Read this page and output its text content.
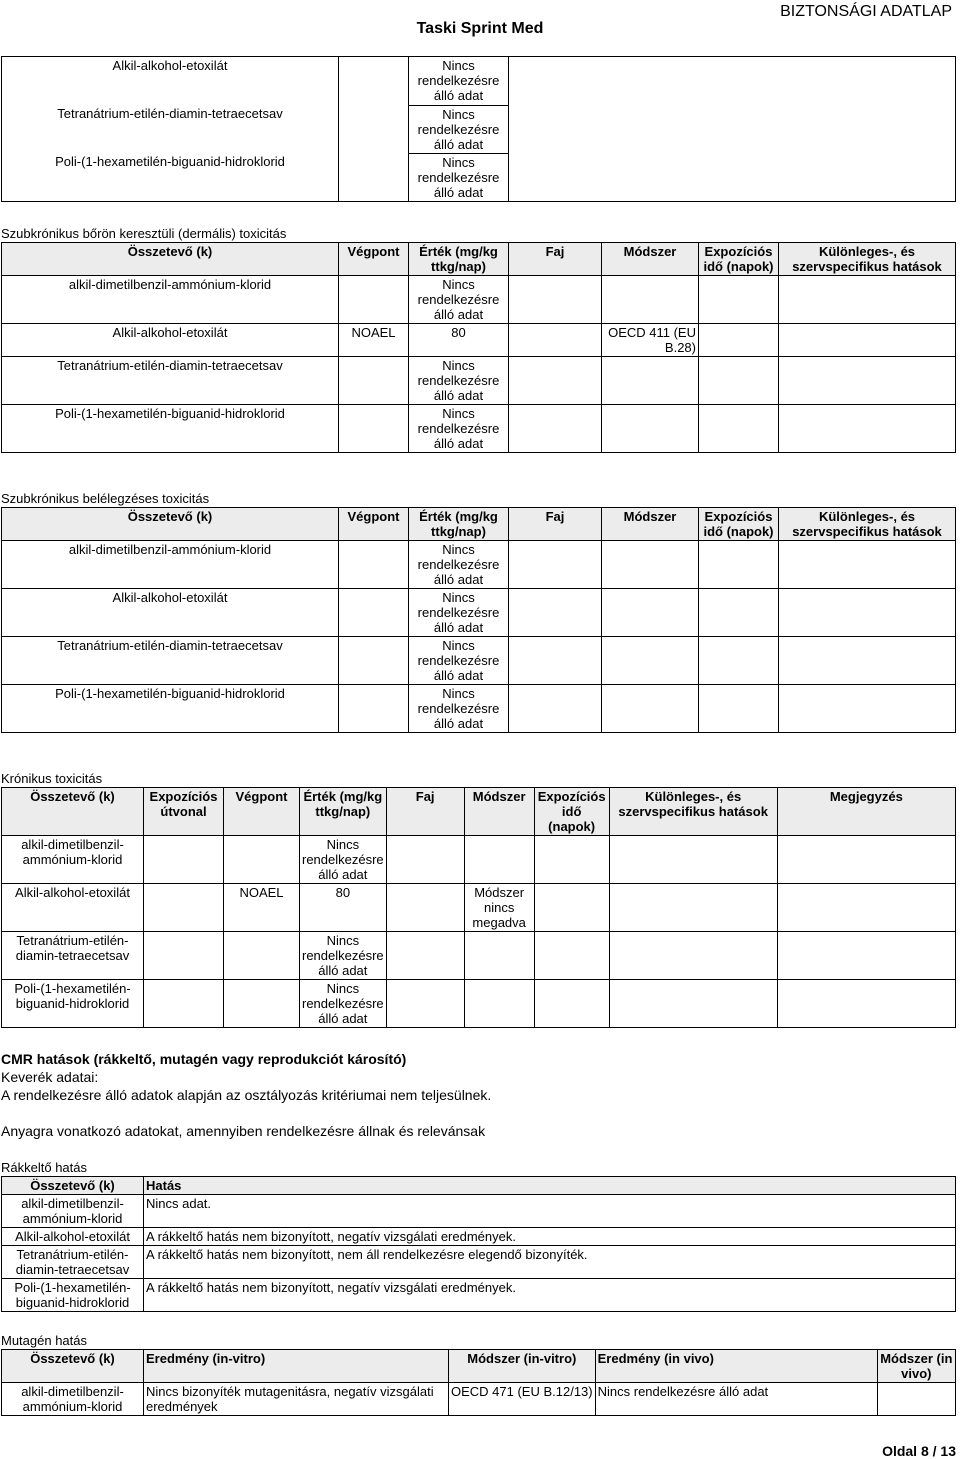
Taski Sprint Med
BIZTONSÁGI ADATLAP
Alkil-alkohol-etoxilát		Nincs
rendelkezésre
álló adat	

Tetranátrium-etilén-diamin-tetraecetsav		Nincs
rendelkezésre
álló adat	

Poli-(1-hexametilén-biguanid-hidroklorid		Nincs
rendelkezésre
álló adat	

Szubkrónikus bőrön keresztüli (dermális) toxicitás
Összetevő (k)	Végpont	Érték (mg/kg ttkg/nap)	Faj	Módszer	Expozíciós idő (napok)	Különleges-, és szervspecifikus hatások
alkil-dimetilbenzil-ammónium-klorid		Nincs
rendelkezésre
álló adat				

Alkil-alkohol-etoxilát	NOAEL	80		OECD 411 (EU B.28)		
Tetranátrium-etilén-diamin-tetraecetsav		Nincs
rendelkezésre
álló adat				

Poli-(1-hexametilén-biguanid-hidroklorid		Nincs
rendelkezésre
álló adat				

Szubkrónikus belélegzéses toxicitás
Összetevő (k)	Végpont	Érték (mg/kg ttkg/nap)	Faj	Módszer	Expozíciós idő (napok)	Különleges-, és szervspecifikus hatások
alkil-dimetilbenzil-ammónium-klorid		Nincs
rendelkezésre
álló adat				

Alkil-alkohol-etoxilát		Nincs
rendelkezésre
álló adat				

Tetranátrium-etilén-diamin-tetraecetsav		Nincs
rendelkezésre
álló adat				

Poli-(1-hexametilén-biguanid-hidroklorid		Nincs
rendelkezésre
álló adat				

Krónikus toxicitás
Összetevő (k)	Expozíciós útvonal	Végpont	Érték (mg/kg ttkg/nap)	Faj	Módszer	Expozíciós idő (napok)	Különleges-, és szervspecifikus hatások	Megjegyzés
alkil-dimetilbenzil-ammónium-klorid			Nincs
rendelkezésre
álló adat					

Alkil-alkohol-etoxilát		NOAEL	80		Módszer nincs megadva			
Tetranátrium-etilén-diamin-tetraecetsav			Nincs
rendelkezésre
álló adat					

Poli-(1-hexametilén-biguanid-hidroklorid			Nincs
rendelkezésre
álló adat					

CMR hatások (rákkeltő, mutagén vagy reprodukciót károsító)
Keverék adatai:
A rendelkezésre álló adatok alapján az osztályozás kritériumai nem teljesülnek.
Anyagra vonatkozó adatokat, amennyiben rendelkezésre állnak és relevánsak
Rákkeltő hatás
Összetevő (k)	Hatás
alkil-dimetilbenzil-ammónium-klorid	Nincs adat.
Alkil-alkohol-etoxilát	A rákkeltő hatás nem bizonyított, negatív vizsgálati eredmények.
Tetranátrium-etilén-diamin-tetraecetsav	A rákkeltő hatás nem bizonyított, nem áll rendelkezésre elegendő bizonyíték.
Poli-(1-hexametilén-biguanid-hidroklorid	A rákkeltő hatás nem bizonyított, negatív vizsgálati eredmények.
Mutagén hatás
Összetevő (k)	Eredmény (in-vitro)	Módszer (in-vitro)	Eredmény (in vivo)	Módszer (in vivo)
alkil-dimetilbenzil-ammónium-klorid	Nincs bizonyíték mutagenitásra, negatív vizsgálati eredmények	OECD 471 (EU B.12/13)	Nincs rendelkezésre álló adat	
Oldal 8 / 13
